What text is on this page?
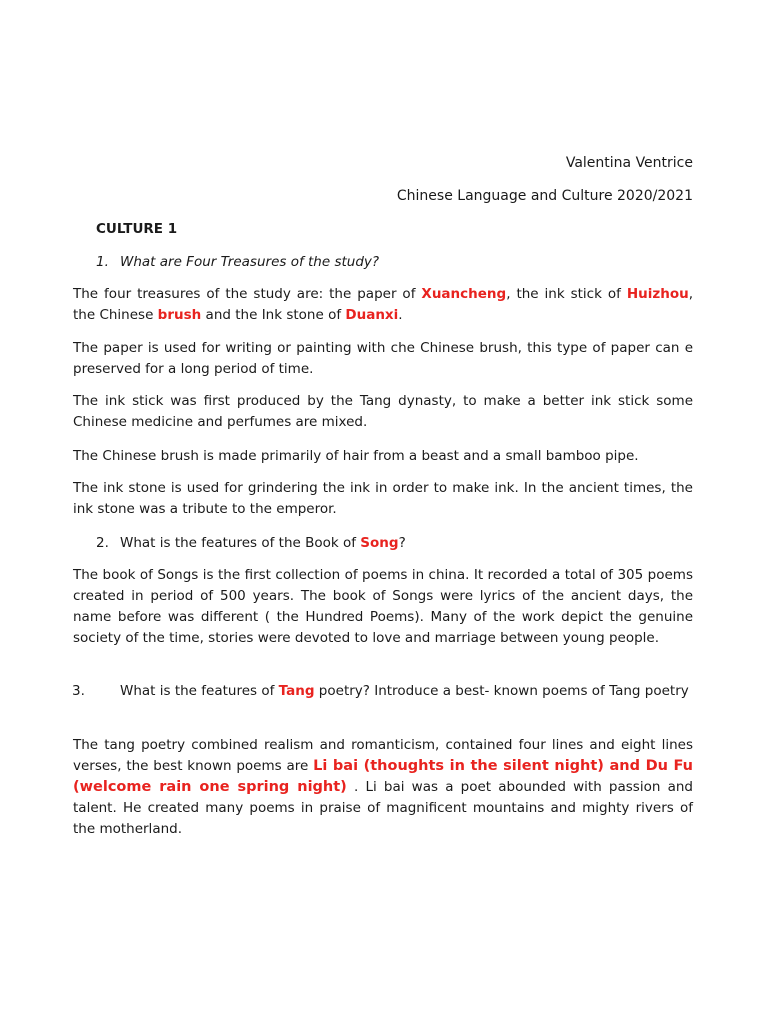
Valentina Ventrice
Chinese Language and Culture 2020/2021
CULTURE 1
1. What are Four Treasures of the study?
The four treasures of the study are: the paper of Xuancheng, the ink stick of Huizhou, the Chinese brush and the Ink stone of Duanxi.
The paper is used for writing or painting with che Chinese brush, this type of paper can e preserved for a long period of time.
The ink stick was first produced by the Tang dynasty, to make a better ink stick some Chinese medicine and perfumes are mixed.
The Chinese brush is made primarily of hair from a beast and a small bamboo pipe.
The ink stone is used for grindering the ink in order to make ink. In the ancient times, the ink stone was a tribute to the emperor.
2. What is the features of the Book of Song?
The book of Songs is the first collection of poems in china. It recorded a total of 305 poems created in period of 500 years. The book of Songs were lyrics of the ancient days, the name before was different ( the Hundred Poems). Many of the work depict the genuine society of the time, stories were devoted to love and marriage between young people.
3.	What is the features of Tang poetry? Introduce a best- known poems of Tang poetry
The tang poetry combined realism and romanticism, contained four lines and eight lines verses, the best known poems are Li bai (thoughts in the silent night) and Du Fu (welcome rain one spring night) . Li bai was a poet abounded with passion and talent. He created many poems in praise of magnificent mountains and mighty rivers of the motherland.
